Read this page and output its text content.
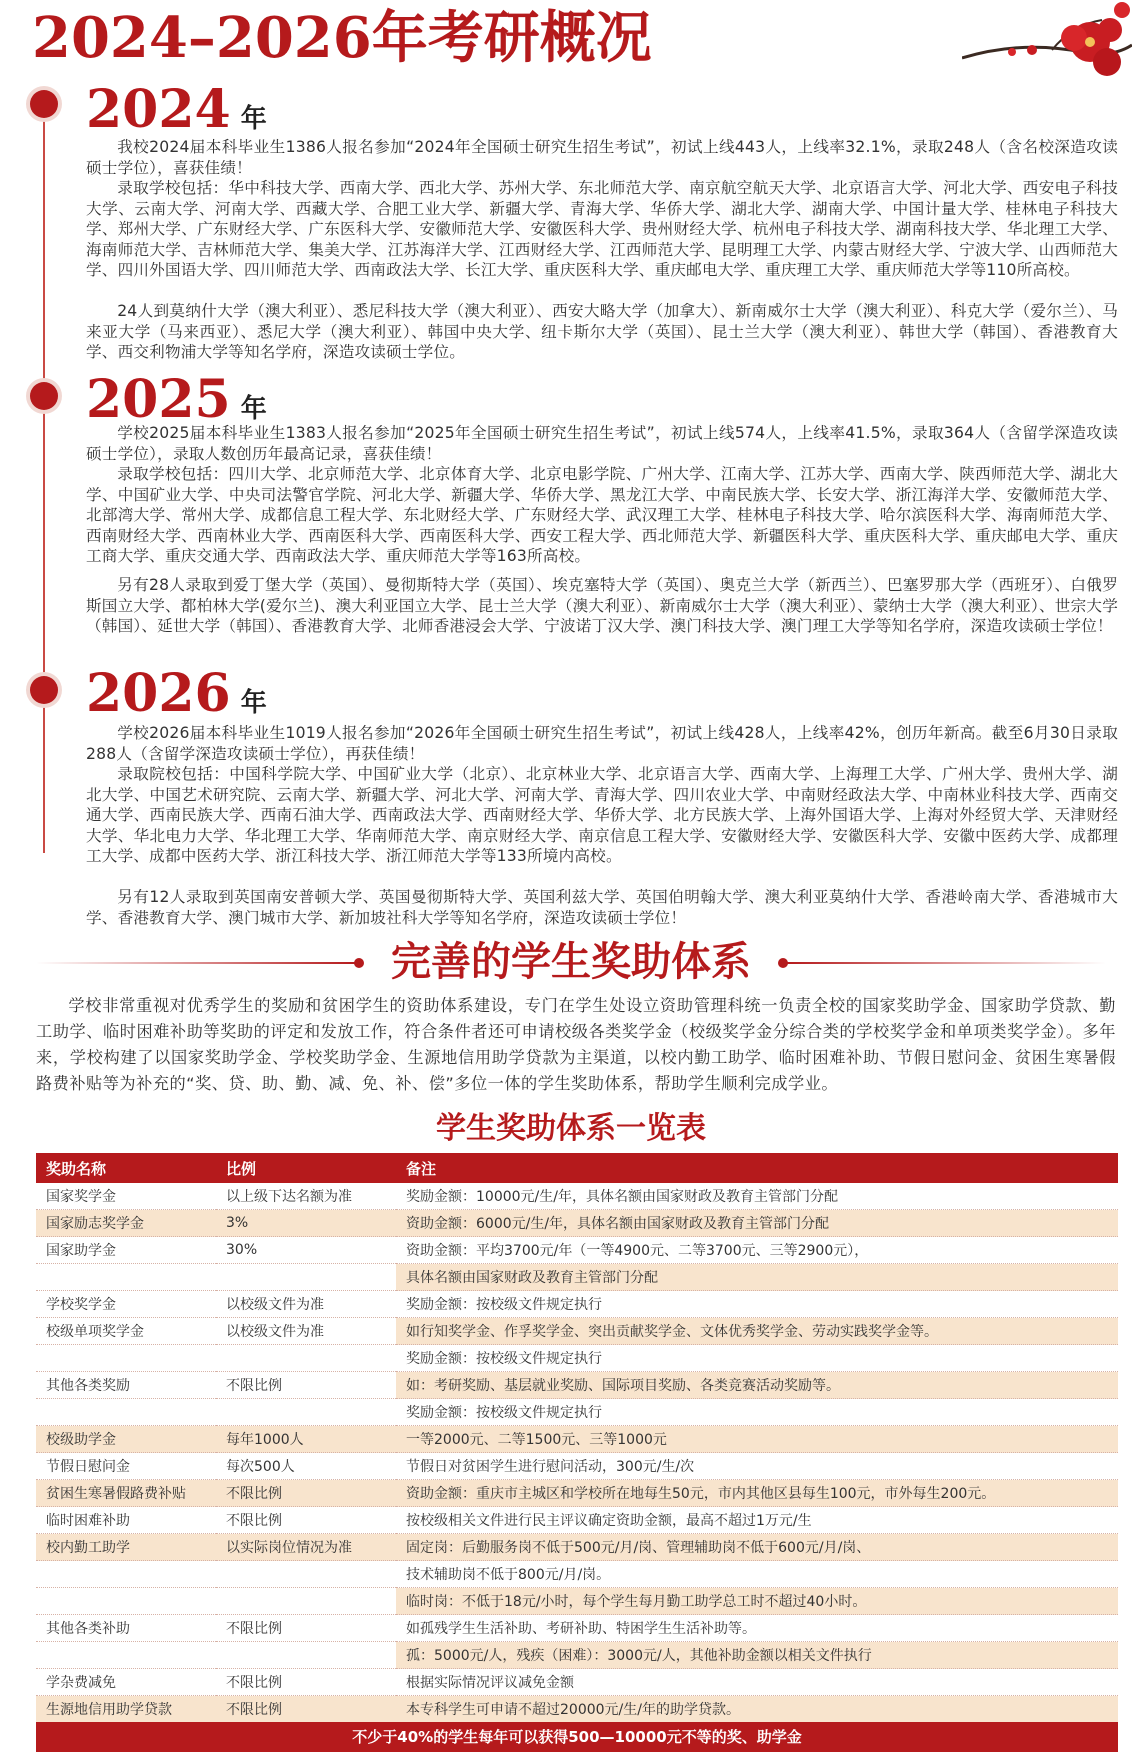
2024–2026年考研概况
2024 年

我校2024届本科毕业生1386人报名参加“2024年全国硕士研究生招生考试”，初试上线443人，上线率32.1%，录取248人（含名校深造攻读硕士学位），喜获佳绩！

录取学校包括：华中科技大学、西南大学、西北大学、苏州大学、东北师范大学、南京航空航天大学、北京语言大学、河北大学、西安电子科技大学、云南大学、河南大学、西藏大学、合肥工业大学、新疆大学、青海大学、华侨大学、湖北大学、湖南大学、中国计量大学、桂林电子科技大学、郑州大学、广东财经大学、广东医科大学、安徽师范大学、安徽医科大学、贵州财经大学、杭州电子科技大学、湖南科技大学、华北理工大学、海南师范大学、吉林师范大学、集美大学、江苏海洋大学、江西财经大学、江西师范大学、昆明理工大学、内蒙古财经大学、宁波大学、山西师范大学、四川外国语大学、四川师范大学、西南政法大学、长江大学、重庆医科大学、重庆邮电大学、重庆理工大学、重庆师范大学等110所高校。

24人到莫纳什大学（澳大利亚）、悉尼科技大学（澳大利亚）、西安大略大学（加拿大）、新南威尔士大学（澳大利亚）、科克大学（爱尔兰）、马来亚大学（马来西亚）、悉尼大学（澳大利亚）、韩国中央大学、纽卡斯尔大学（英国）、昆士兰大学（澳大利亚）、韩世大学（韩国）、香港教育大学、西交利物浦大学等知名学府，深造攻读硕士学位。

2025 年

学校2025届本科毕业生1383人报名参加“2025年全国硕士研究生招生考试”，初试上线574人，上线率41.5%，录取364人（含留学深造攻读硕士学位），录取人数创历年最高记录，喜获佳绩！

录取学校包括：四川大学、北京师范大学、北京体育大学、北京电影学院、广州大学、江南大学、江苏大学、西南大学、陕西师范大学、湖北大学、中国矿业大学、中央司法警官学院、河北大学、新疆大学、华侨大学、黑龙江大学、中南民族大学、长安大学、浙江海洋大学、安徽师范大学、北部湾大学、常州大学、成都信息工程大学、东北财经大学、广东财经大学、武汉理工大学、桂林电子科技大学、哈尔滨医科大学、海南师范大学、西南财经大学、西南林业大学、西南医科大学、西南医科大学、西安工程大学、西北师范大学、新疆医科大学、重庆医科大学、重庆邮电大学、重庆工商大学、重庆交通大学、西南政法大学、重庆师范大学等163所高校。

另有28人录取到爱丁堡大学（英国）、曼彻斯特大学（英国）、埃克塞特大学（英国）、奥克兰大学（新西兰）、巴塞罗那大学（西班牙）、白俄罗斯国立大学、都柏林大学(爱尔兰)、澳大利亚国立大学、昆士兰大学（澳大利亚）、新南威尔士大学（澳大利亚）、蒙纳士大学（澳大利亚）、世宗大学（韩国）、延世大学（韩国）、香港教育大学、北师香港浸会大学、宁波诺丁汉大学、澳门科技大学、澳门理工大学等知名学府，深造攻读硕士学位！

2026 年

学校2026届本科毕业生1019人报名参加“2026年全国硕士研究生招生考试”，初试上线428人，上线率42%，创历年新高。截至6月30日录取288人（含留学深造攻读硕士学位），再获佳绩！

录取院校包括：中国科学院大学、中国矿业大学（北京）、北京林业大学、北京语言大学、西南大学、上海理工大学、广州大学、贵州大学、湖北大学、中国艺术研究院、云南大学、新疆大学、河北大学、河南大学、青海大学、四川农业大学、中南财经政法大学、中南林业科技大学、西南交通大学、西南民族大学、西南石油大学、西南政法大学、西南财经大学、华侨大学、北方民族大学、上海外国语大学、上海对外经贸大学、天津财经大学、华北电力大学、华北理工大学、华南师范大学、南京财经大学、南京信息工程大学、安徽财经大学、安徽医科大学、安徽中医药大学、成都理工大学、成都中医药大学、浙江科技大学、浙江师范大学等133所境内高校。

另有12人录取到英国南安普顿大学、英国曼彻斯特大学、英国利兹大学、英国伯明翰大学、澳大利亚莫纳什大学、香港岭南大学、香港城市大学、香港教育大学、澳门城市大学、新加坡社科大学等知名学府，深造攻读硕士学位！

完善的学生奖助体系

学校非常重视对优秀学生的奖励和贫困学生的资助体系建设，专门在学生处设立资助管理科统一负责全校的国家奖助学金、国家助学贷款、勤工助学、临时困难补助等奖助的评定和发放工作，符合条件者还可申请校级各类奖学金（校级奖学金分综合类的学校奖学金和单项类奖学金）。多年来，学校构建了以国家奖助学金、学校奖助学金、生源地信用助学贷款为主渠道，以校内勤工助学、临时困难补助、节假日慰问金、贫困生寒暑假路费补贴等为补充的“奖、贷、助、勤、减、免、补、偿”多位一体的学生奖助体系，帮助学生顺利完成学业。

学生奖助体系一览表
奖助名称	比例	备注
国家奖学金	以上级下达名额为准	奖励金额：10000元/生/年，具体名额由国家财政及教育主管部门分配
国家励志奖学金	3%	资助金额：6000元/生/年，具体名额由国家财政及教育主管部门分配
国家助学金	30%	资助金额：平均3700元/年（一等4900元、二等3700元、三等2900元），
		具体名额由国家财政及教育主管部门分配
学校奖学金	以校级文件为准	奖励金额：按校级文件规定执行
校级单项奖学金	以校级文件为准	如行知奖学金、作孚奖学金、突出贡献奖学金、文体优秀奖学金、劳动实践奖学金等。
		奖励金额：按校级文件规定执行
其他各类奖励	不限比例	如：考研奖励、基层就业奖励、国际项目奖励、各类竞赛活动奖励等。
		奖励金额：按校级文件规定执行
校级助学金	每年1000人	一等2000元、二等1500元、三等1000元
节假日慰问金	每次500人	节假日对贫困学生进行慰问活动，300元/生/次
贫困生寒暑假路费补贴	不限比例	资助金额：重庆市主城区和学校所在地每生50元，市内其他区县每生100元，市外每生200元。
临时困难补助	不限比例	按校级相关文件进行民主评议确定资助金额，最高不超过1万元/生
校内勤工助学	以实际岗位情况为准	固定岗：后勤服务岗不低于500元/月/岗、管理辅助岗不低于600元/月/岗、
		技术辅助岗不低于800元/月/岗。
		临时岗：不低于18元/小时，每个学生每月勤工助学总工时不超过40小时。
其他各类补助	不限比例	如孤残学生生活补助、考研补助、特困学生生活补助等。
		孤：5000元/人，残疾（困难）：3000元/人，其他补助金额以相关文件执行
学杂费减免	不限比例	根据实际情况评议减免金额
生源地信用助学贷款	不限比例	本专科学生可申请不超过20000元/生/年的助学贷款。
不少于40%的学生每年可以获得500—10000元不等的奖、助学金
